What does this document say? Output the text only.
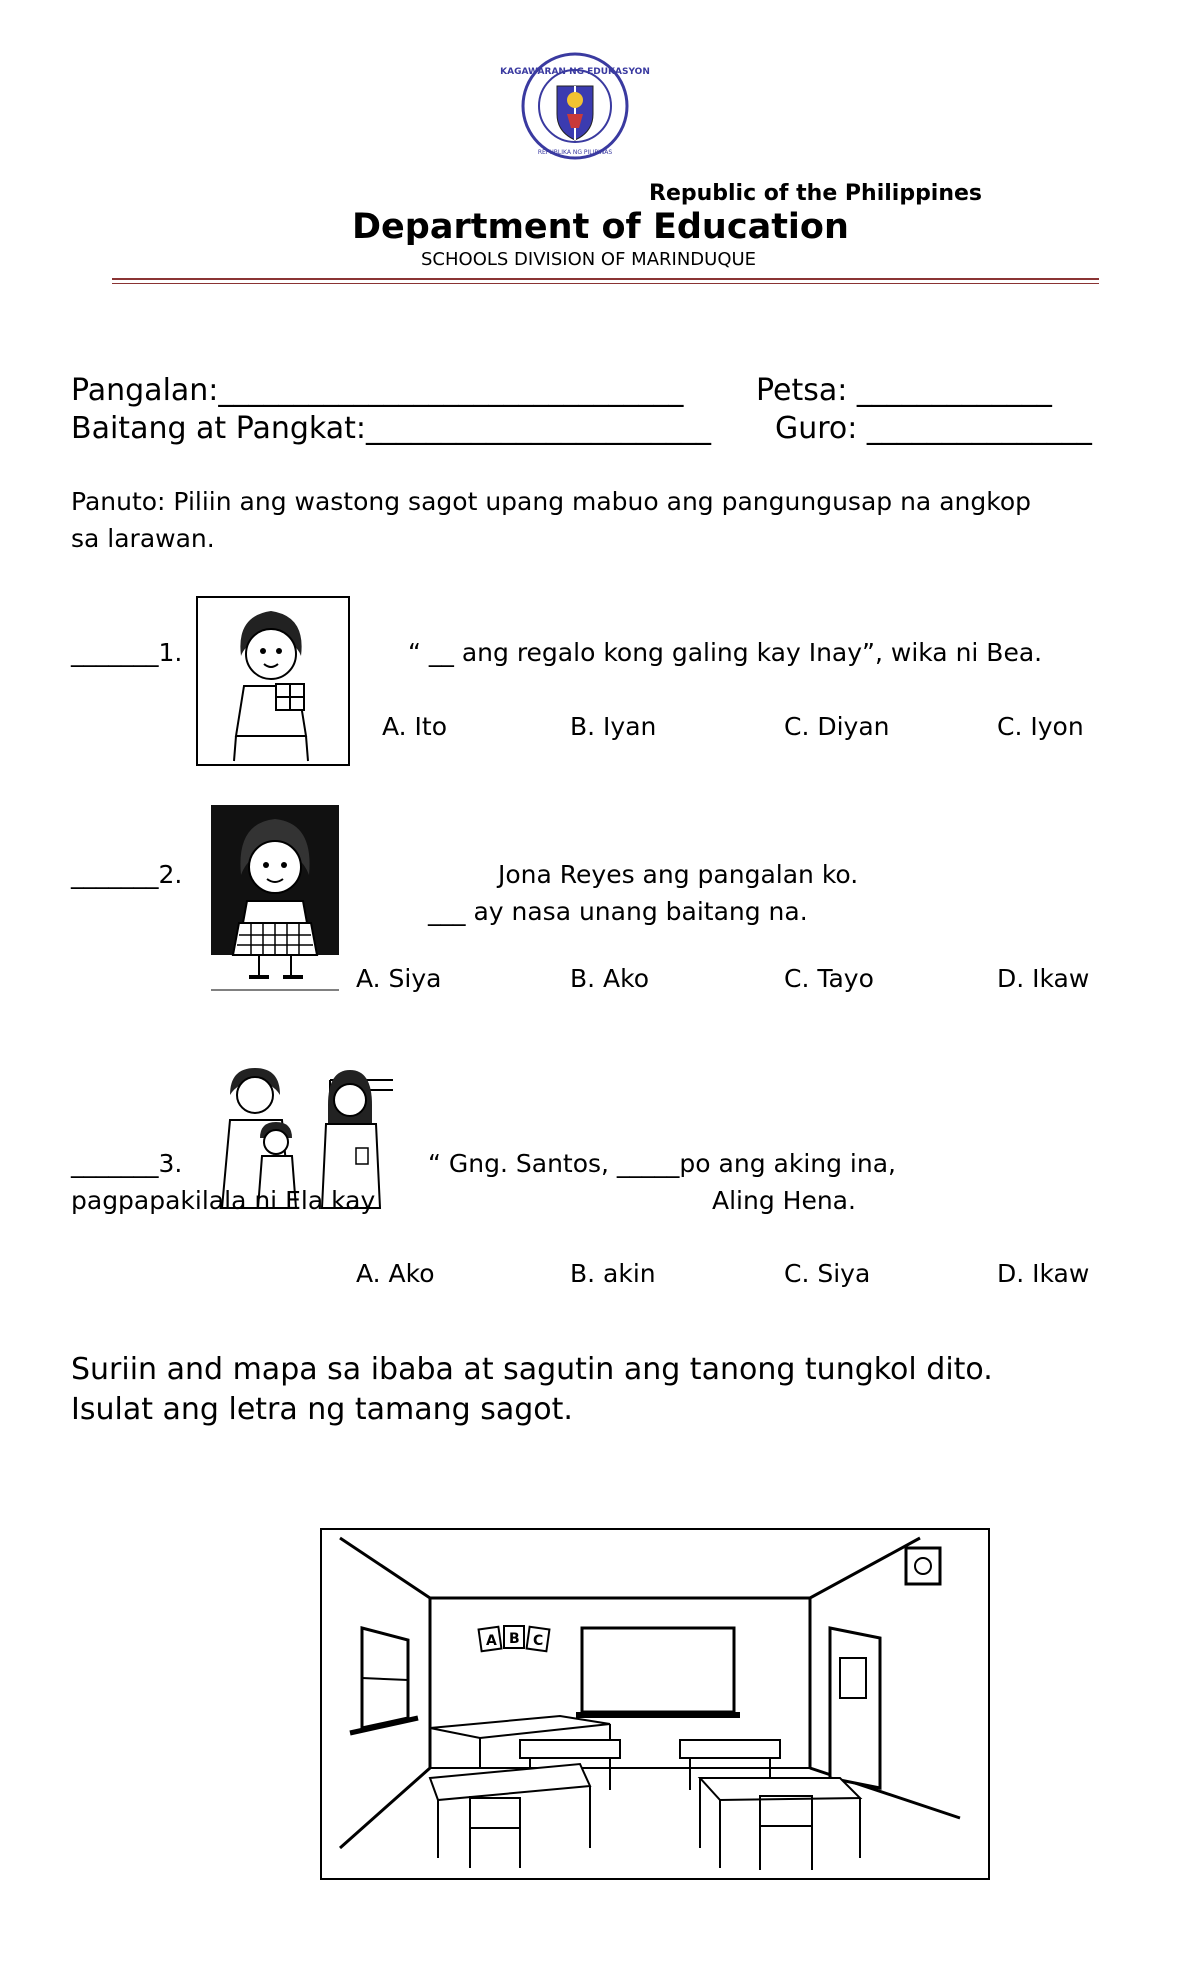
KAGAWARAN NG EDUKASYON
REPUBLIKA NG PILIPINAS
Republic of the Philippines
Department of Education
SCHOOLS DIVISION OF MARINDUQUE
Pangalan:_______________________________ Petsa: _____________
Baitang at Pangkat:_______________________ Guro: _______________
Panuto: Piliin ang wastong sagot upang mabuo ang pangungusap na angkop
sa larawan.
_______1.	“ __ ang regalo kong galing kay Inay”, wika ni Bea.
A. Ito	B. Iyan	C. Diyan	C. Iyon
_______2.	Jona Reyes ang pangalan ko.
___ ay nasa unang baitang na.
A. Siya	B. Ako	C. Tayo	D. Ikaw
_______3.	“ Gng. Santos, _____po ang aking ina,
pagpapakilala ni Ela kay	Aling Hena.
A. Ako	B. akin	C. Siya	D. Ikaw
Suriin and mapa sa ibaba at sagutin ang tanong tungkol dito.
Isulat ang letra ng tamang sagot.
A B C
